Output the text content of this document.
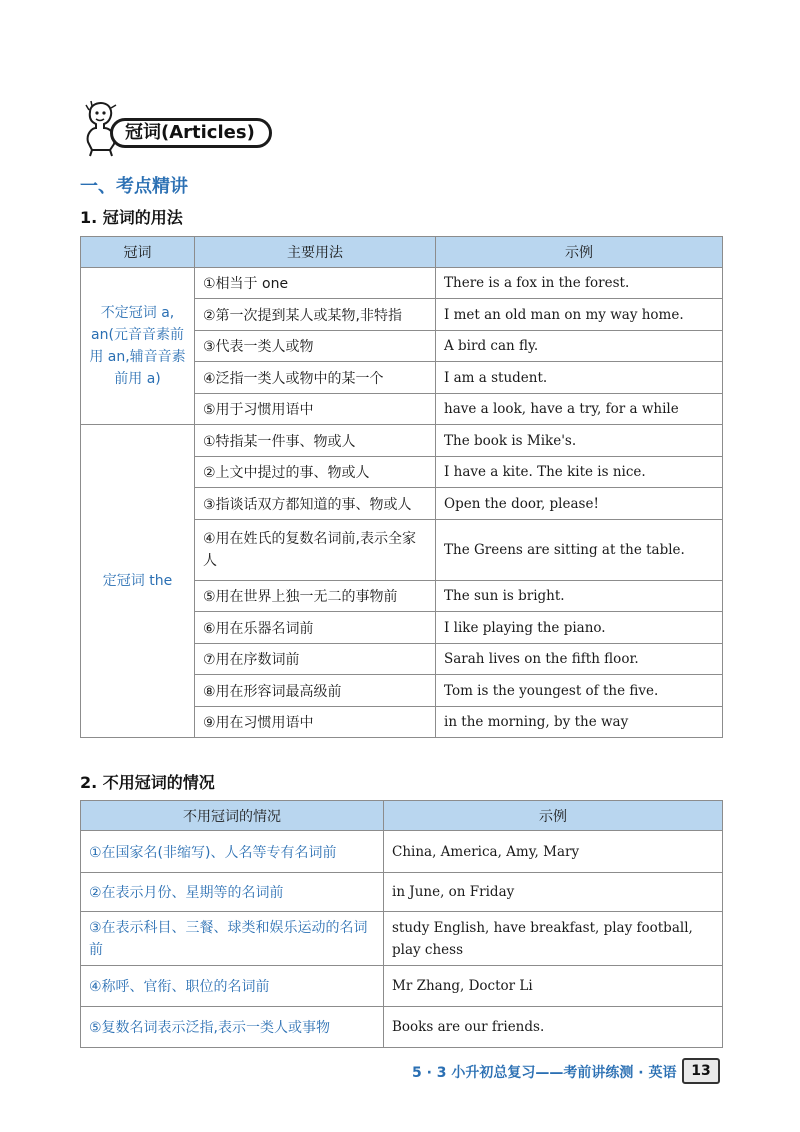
冠词(Articles)
一、考点精讲
1. 冠词的用法
冠词	主要用法	示例
不定冠词 a, an(元音音素前用 an,辅音音素前用 a)	①相当于 one	There is a fox in the forest.
	②第一次提到某人或某物,非特指	I met an old man on my way home.
	③代表一类人或物	A bird can fly.
	④泛指一类人或物中的某一个	I am a student.
	⑤用于习惯用语中	have a look, have a try, for a while
定冠词 the	①特指某一件事、物或人	The book is Mike's.
	②上文中提过的事、物或人	I have a kite. The kite is nice.
	③指谈话双方都知道的事、物或人	Open the door, please!
	④用在姓氏的复数名词前,表示全家人	The Greens are sitting at the table.
	⑤用在世界上独一无二的事物前	The sun is bright.
	⑥用在乐器名词前	I like playing the piano.
	⑦用在序数词前	Sarah lives on the fifth floor.
	⑧用在形容词最高级前	Tom is the youngest of the five.
	⑨用在习惯用语中	in the morning, by the way
2. 不用冠词的情况
不用冠词的情况	示例
①在国家名(非缩写)、人名等专有名词前	China, America, Amy, Mary
②在表示月份、星期等的名词前	in June, on Friday
③在表示科目、三餐、球类和娱乐运动的名词前	study English, have breakfast, play football, play chess
④称呼、官衔、职位的名词前	Mr Zhang, Doctor Li
⑤复数名词表示泛指,表示一类人或事物	Books are our friends.
5 · 3 小升初总复习——考前讲练测 · 英语	13
